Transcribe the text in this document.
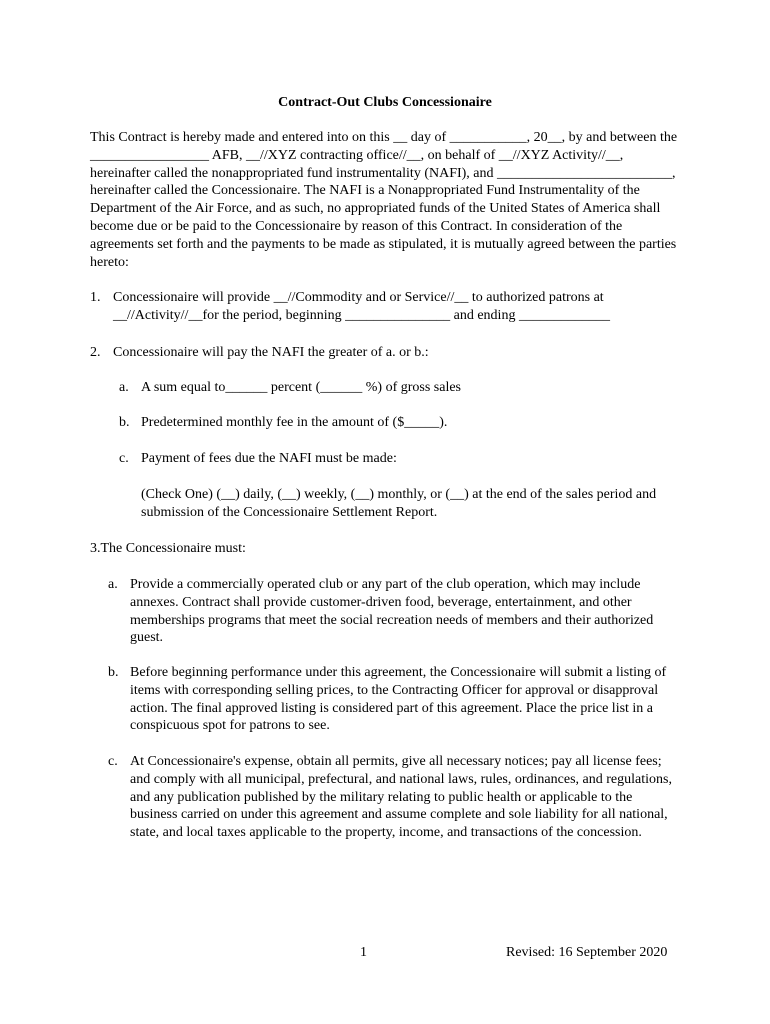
Contract-Out Clubs Concessionaire
This Contract is hereby made and entered into on this __ day of ___________, 20__, by and between the _________________ AFB, __//XYZ contracting office//__, on behalf of __//XYZ Activity//__, hereinafter called the nonappropriated fund instrumentality (NAFI), and _________________________, hereinafter called the Concessionaire. The NAFI is a Nonappropriated Fund Instrumentality of the Department of the Air Force, and as such, no appropriated funds of the United States of America shall become due or be paid to the Concessionaire by reason of this Contract. In consideration of the agreements set forth and the payments to be made as stipulated, it is mutually agreed between the parties hereto:
1. Concessionaire will provide __//Commodity and or Service//__ to authorized patrons at __//Activity//__for the period, beginning _______________ and ending _____________
2. Concessionaire will pay the NAFI the greater of a. or b.:
a. A sum equal to______ percent (______ %) of gross sales
b. Predetermined monthly fee in the amount of ($_____).
c. Payment of fees due the NAFI must be made:
(Check One) (__) daily, (__) weekly, (__) monthly, or (__) at the end of the sales period and submission of the Concessionaire Settlement Report.
3.The Concessionaire must:
a. Provide a commercially operated club or any part of the club operation, which may include annexes. Contract shall provide customer-driven food, beverage, entertainment, and other memberships programs that meet the social recreation needs of members and their authorized guest.
b. Before beginning performance under this agreement, the Concessionaire will submit a listing of items with corresponding selling prices, to the Contracting Officer for approval or disapproval action. The final approved listing is considered part of this agreement. Place the price list in a conspicuous spot for patrons to see.
c. At Concessionaire's expense, obtain all permits, give all necessary notices; pay all license fees; and comply with all municipal, prefectural, and national laws, rules, ordinances, and regulations, and any publication published by the military relating to public health or applicable to the business carried on under this agreement and assume complete and sole liability for all national, state, and local taxes applicable to the property, income, and transactions of the concession.
1	Revised: 16 September 2020
